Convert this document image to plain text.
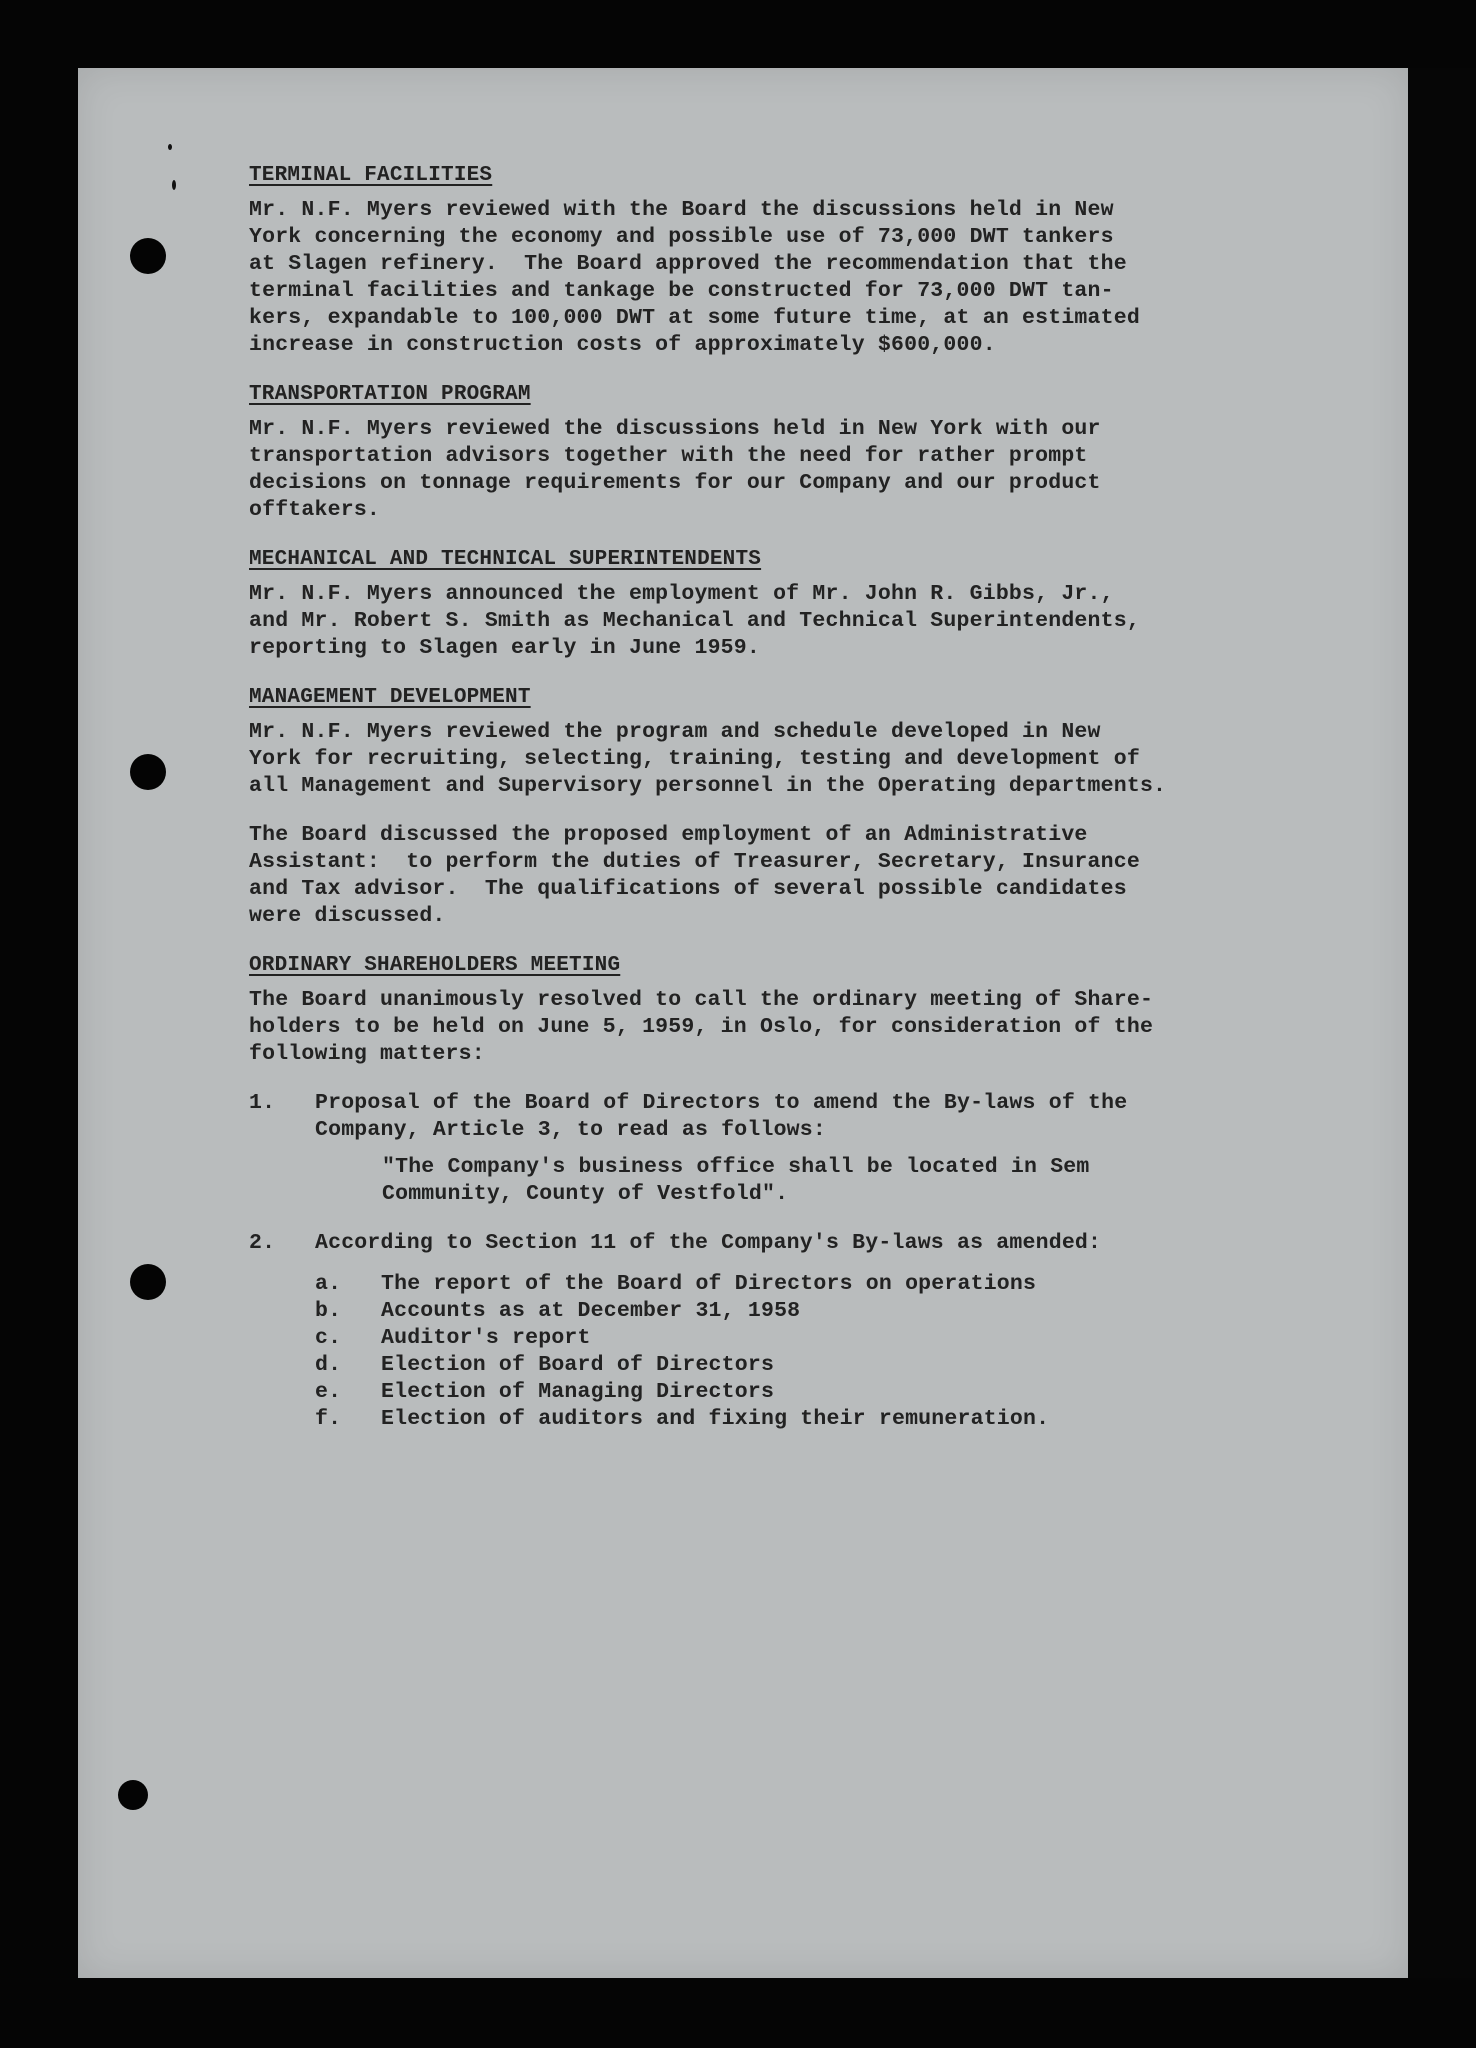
TERMINAL FACILITIES
Mr. N.F. Myers reviewed with the Board the discussions held in New
York concerning the economy and possible use of 73,000 DWT tankers
at Slagen refinery.  The Board approved the recommendation that the
terminal facilities and tankage be constructed for 73,000 DWT tan-
kers, expandable to 100,000 DWT at some future time, at an estimated
increase in construction costs of approximately $600,000.
TRANSPORTATION PROGRAM
Mr. N.F. Myers reviewed the discussions held in New York with our
transportation advisors together with the need for rather prompt
decisions on tonnage requirements for our Company and our product
offtakers.
MECHANICAL AND TECHNICAL SUPERINTENDENTS
Mr. N.F. Myers announced the employment of Mr. John R. Gibbs, Jr.,
and Mr. Robert S. Smith as Mechanical and Technical Superintendents,
reporting to Slagen early in June 1959.
MANAGEMENT DEVELOPMENT
Mr. N.F. Myers reviewed the program and schedule developed in New
York for recruiting, selecting, training, testing and development of
all Management and Supervisory personnel in the Operating departments.
The Board discussed the proposed employment of an Administrative
Assistant:  to perform the duties of Treasurer, Secretary, Insurance
and Tax advisor.  The qualifications of several possible candidates
were discussed.
ORDINARY SHAREHOLDERS MEETING
The Board unanimously resolved to call the ordinary meeting of Share-
holders to be held on June 5, 1959, in Oslo, for consideration of the
following matters:
1.	Proposal of the Board of Directors to amend the By-laws of the
Company, Article 3, to read as follows:
"The Company's business office shall be located in Sem
Community, County of Vestfold".
2.	According to Section 11 of the Company's By-laws as amended:
a.	The report of the Board of Directors on operations
b.	Accounts as at December 31, 1958
c.	Auditor's report
d.	Election of Board of Directors
e.	Election of Managing Directors
f.	Election of auditors and fixing their remuneration.
